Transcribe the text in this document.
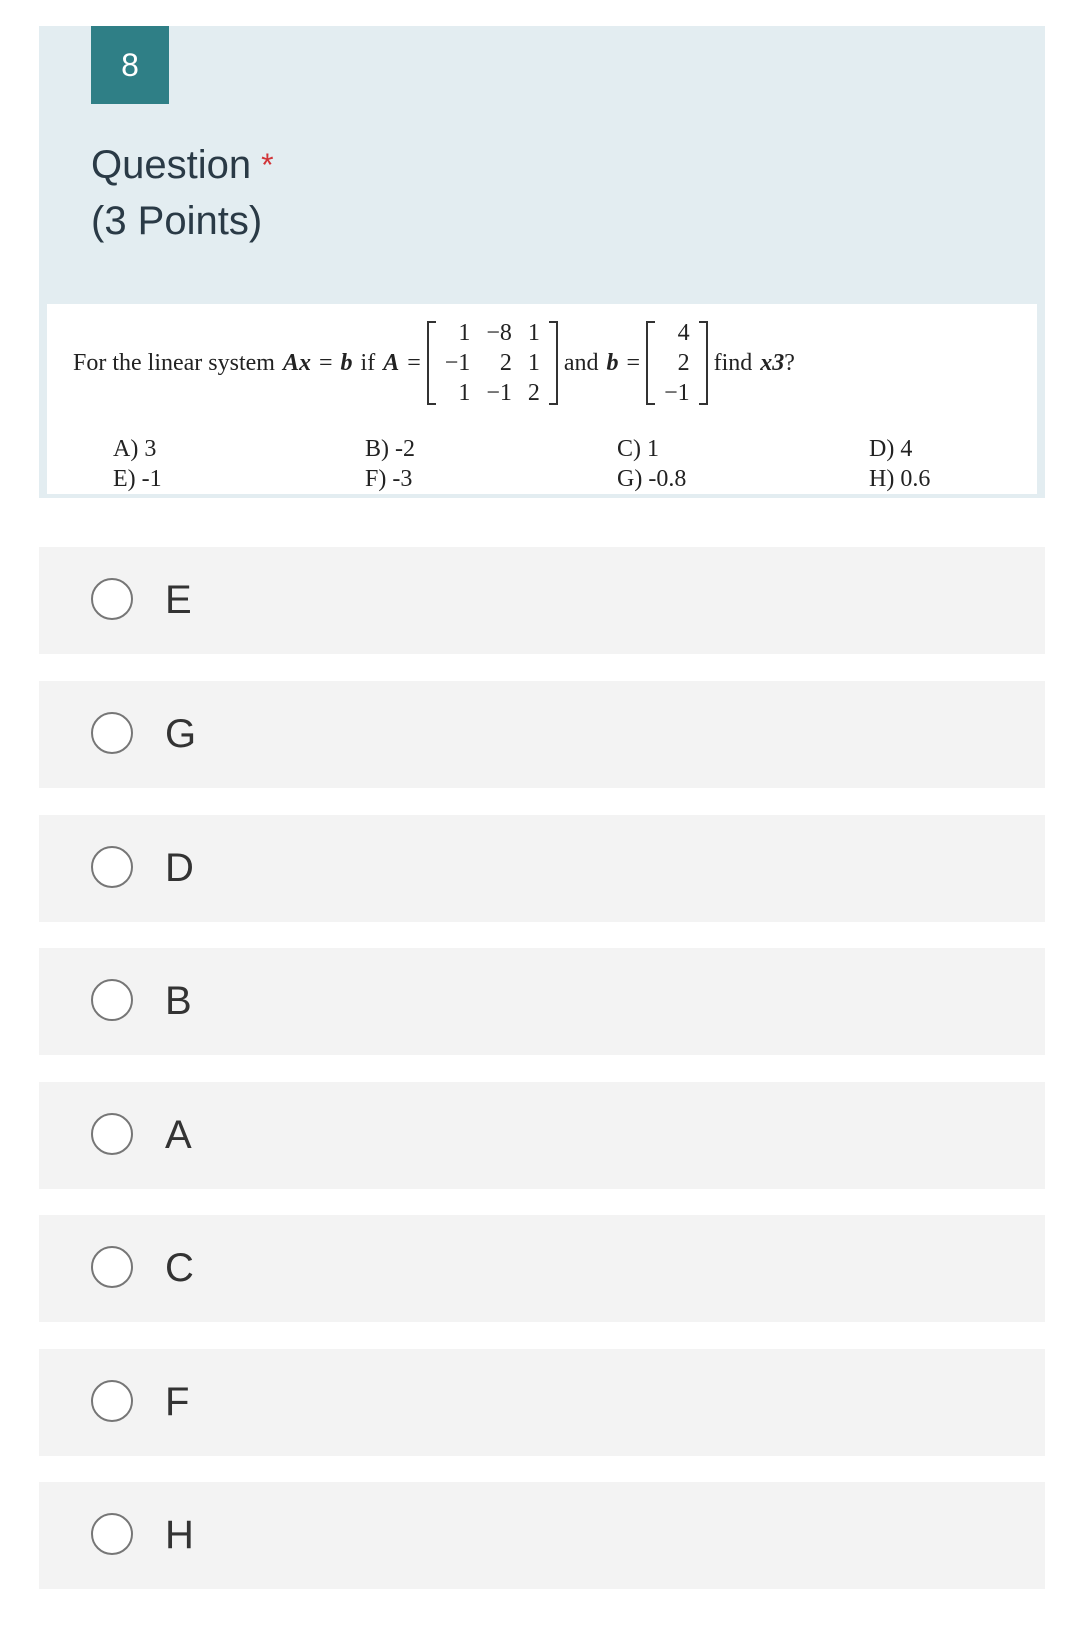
8
Question *
(3 Points)
For the linear system Ax = b if A =
1 −8 1
−1	2 1
1 −1 2
and b =
4
2
−1
find x3 ?
A) 3	B) -2	C) 1	D) 4
E) -1	F) -3	G) -0.8	H) 0.6
E
G
D
B
A
C
F
H
